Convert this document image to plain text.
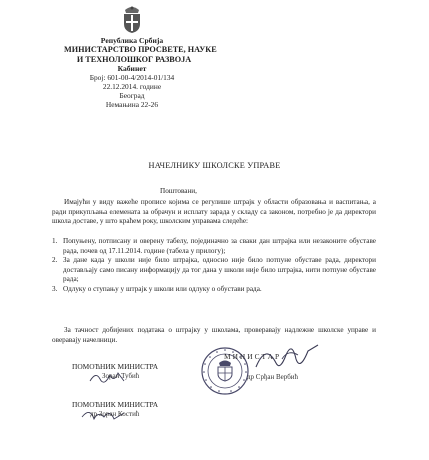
Република Србија
МИНИСТАРСТВО ПРОСВЕТЕ, НАУКЕ
И ТЕХНОЛОШКОГ РАЗВОЈА
Кабинет
Број: 601-00-4/2014-01/134
22.12.2014. године
Београд
Немањина 22-26
НАЧЕЛНИКУ ШКОЛСКЕ УПРАВЕ
Поштовани,
Имајући у виду важеће прописе којима се регулише штрајк у области образовања и васпитања, а ради прикупљања елемената за обрачун и исплату зарада у складу са законом, потребно је да директори школа доставе, у што краћем року, школским управама следеће:
1. Попуњену, потписану и оверену табелу, појединачно за сваки дан штрајка или незаконите обуставе рада, почев од 17.11.2014. године (табела у прилогу);
2. За дане када у школи није било штрајка, односно није било потпуне обуставе рада, директори достављају само писану информацију да тог дана у школи није било штрајка, нити потпуне обуставе рада;
3. Одлуку о ступању у штрајк у школи или одлуку о обустави рада.
За тачност добијених података о штрајку у школама, проверавају надлежне школске управе и оверавају начелници.
ПОМОЋНИК МИНИСТРА
Зоран Тубић
ПОМОЋНИК МИНИСТРА
др Зоран Костић
МИНИСТАР
др Срђан Вербић
